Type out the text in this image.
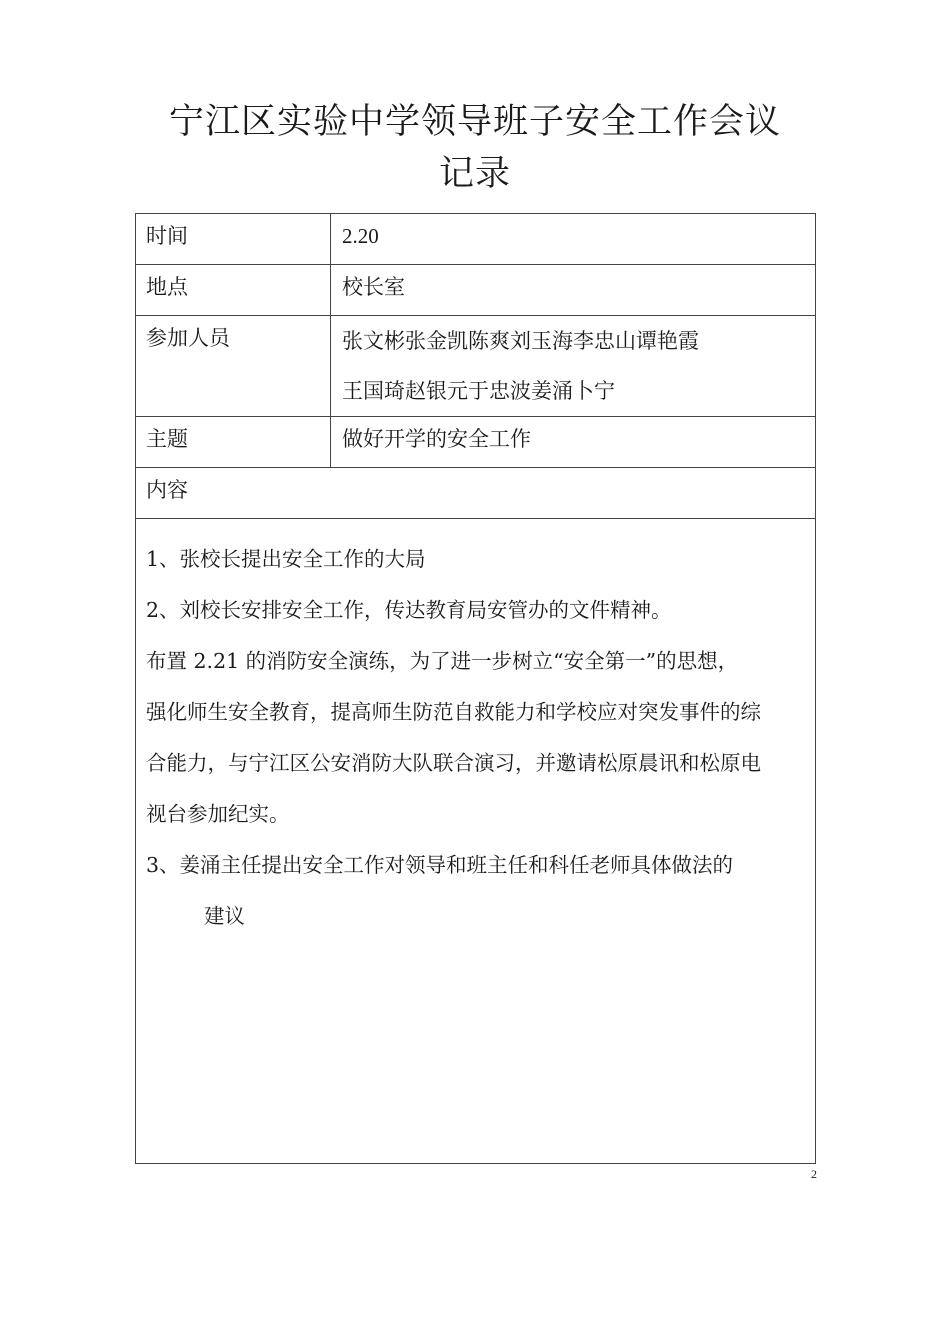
宁江区实验中学领导班子安全工作会议
记录
时间	2.20
地点	校长室
参加人员	张文彬张金凯陈爽刘玉海李忠山谭艳霞
王国琦赵银元于忠波姜涌卜宁
主题	做好开学的安全工作
内容

1、张校长提出安全工作的大局

2、刘校长安排安全工作，传达教育局安管办的文件精神。

布置 2.21 的消防安全演练，为了进一步树立“安全第一”的思想，

强化师生安全教育，提高师生防范自救能力和学校应对突发事件的综

合能力，与宁江区公安消防大队联合演习，并邀请松原晨讯和松原电

视台参加纪实。

3、姜涌主任提出安全工作对领导和班主任和科任老师具体做法的

建议

2
